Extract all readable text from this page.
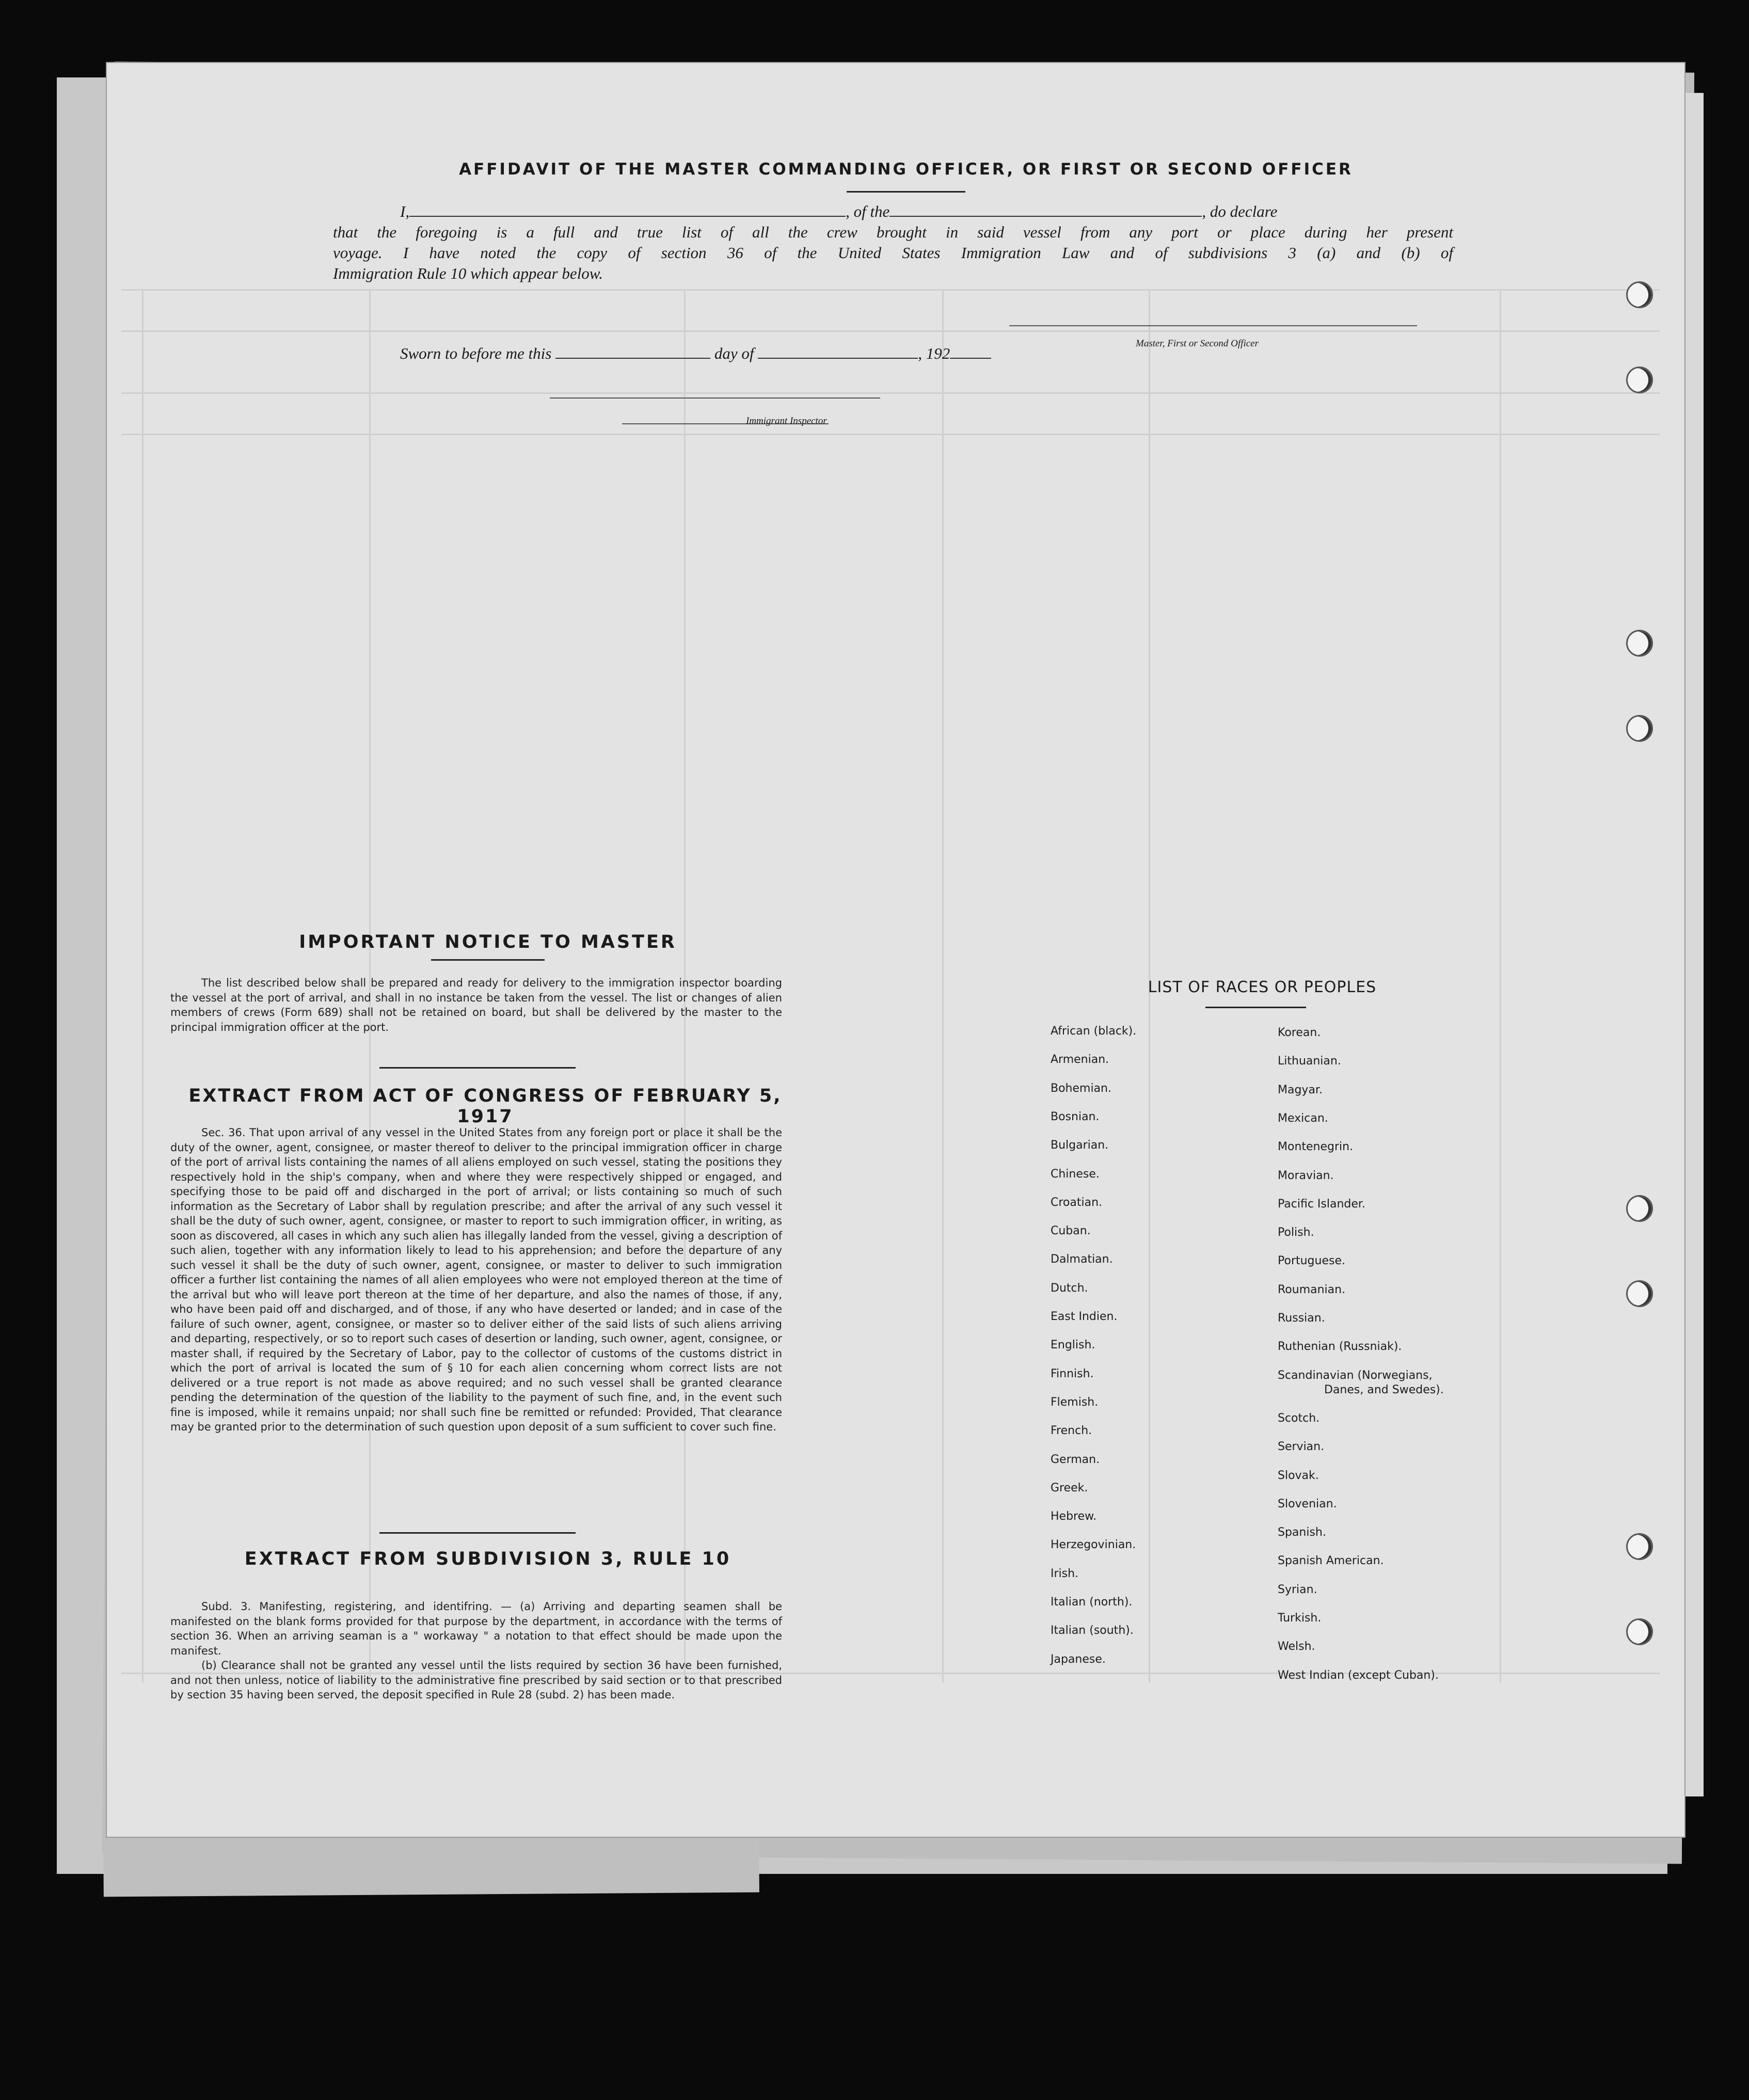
AFFIDAVIT OF THE MASTER COMMANDING OFFICER, OR FIRST OR SECOND OFFICER
I,	, of the	, do declare
that the foregoing is a full and true list of all the crew brought in said vessel from any port or place during her present
voyage. I have noted the copy of section 36 of the United States Immigration Law and of subdivisions 3 (a) and (b) of
Immigration Rule 10 which appear below.
Master, First or Second Officer
Sworn to before me this	day of	, 192
Immigrant Inspector
IMPORTANT NOTICE TO MASTER

The list described below shall be prepared and ready for delivery to the immigration inspector boarding the vessel at the port of arrival, and shall in no instance be taken from the vessel. The list or changes of alien members of crews (Form 689) shall not be retained on board, but shall be delivered by the master to the principal immigration officer at the port.

EXTRACT FROM ACT OF CONGRESS OF FEBRUARY 5, 1917

Sec. 36. That upon arrival of any vessel in the United States from any foreign port or place it shall be the duty of the owner, agent, consignee, or master thereof to deliver to the principal immigration officer in charge of the port of arrival lists containing the names of all aliens employed on such vessel, stating the positions they respectively hold in the ship's company, when and where they were respectively shipped or engaged, and specifying those to be paid off and discharged in the port of arrival; or lists containing so much of such information as the Secretary of Labor shall by regulation prescribe; and after the arrival of any such vessel it shall be the duty of such owner, agent, consignee, or master to report to such immigration officer, in writing, as soon as discovered, all cases in which any such alien has illegally landed from the vessel, giving a description of such alien, together with any information likely to lead to his apprehension; and before the departure of any such vessel it shall be the duty of such owner, agent, consignee, or master to deliver to such immigration officer a further list containing the names of all alien employees who were not employed thereon at the time of the arrival but who will leave port thereon at the time of her departure, and also the names of those, if any, who have been paid off and discharged, and of those, if any who have deserted or landed; and in case of the failure of such owner, agent, consignee, or master so to deliver either of the said lists of such aliens arriving and departing, respectively, or so to report such cases of desertion or landing, such owner, agent, consignee, or master shall, if required by the Secretary of Labor, pay to the collector of customs of the customs district in which the port of arrival is located the sum of § 10 for each alien concerning whom correct lists are not delivered or a true report is not made as above required; and no such vessel shall be granted clearance pending the determination of the question of the liability to the payment of such fine, and, in the event such fine is imposed, while it remains unpaid; nor shall such fine be remitted or refunded: Provided, That clearance may be granted prior to the determination of such question upon deposit of a sum sufficient to cover such fine.

EXTRACT FROM SUBDIVISION 3, RULE 10

Subd. 3. Manifesting, registering, and identifring. — (a) Arriving and departing seamen shall be manifested on the blank forms provided for that purpose by the department, in accordance with the terms of section 36. When an arriving seaman is a " workaway " a notation to that effect should be made upon the manifest.

(b) Clearance shall not be granted any vessel until the lists required by section 36 have been furnished, and not then unless, notice of liability to the administrative fine prescribed by said section or to that prescribed by section 35 having been served, the deposit specified in Rule 28 (subd. 2) has been made.

LIST OF RACES OR PEOPLES
African (black).
Armenian.
Bohemian.
Bosnian.
Bulgarian.
Chinese.
Croatian.
Cuban.
Dalmatian.
Dutch.
East Indien.
English.
Finnish.
Flemish.
French.
German.
Greek.
Hebrew.
Herzegovinian.
Irish.
Italian (north).
Italian (south).
Japanese.
Korean.
Lithuanian.
Magyar.
Mexican.
Montenegrin.
Moravian.
Pacific Islander.
Polish.
Portuguese.
Roumanian.
Russian.
Ruthenian (Russniak).
Scandinavian (Norwegians,
Danes, and Swedes).
Scotch.
Servian.
Slovak.
Slovenian.
Spanish.
Spanish American.
Syrian.
Turkish.
Welsh.
West Indian (except Cuban).
